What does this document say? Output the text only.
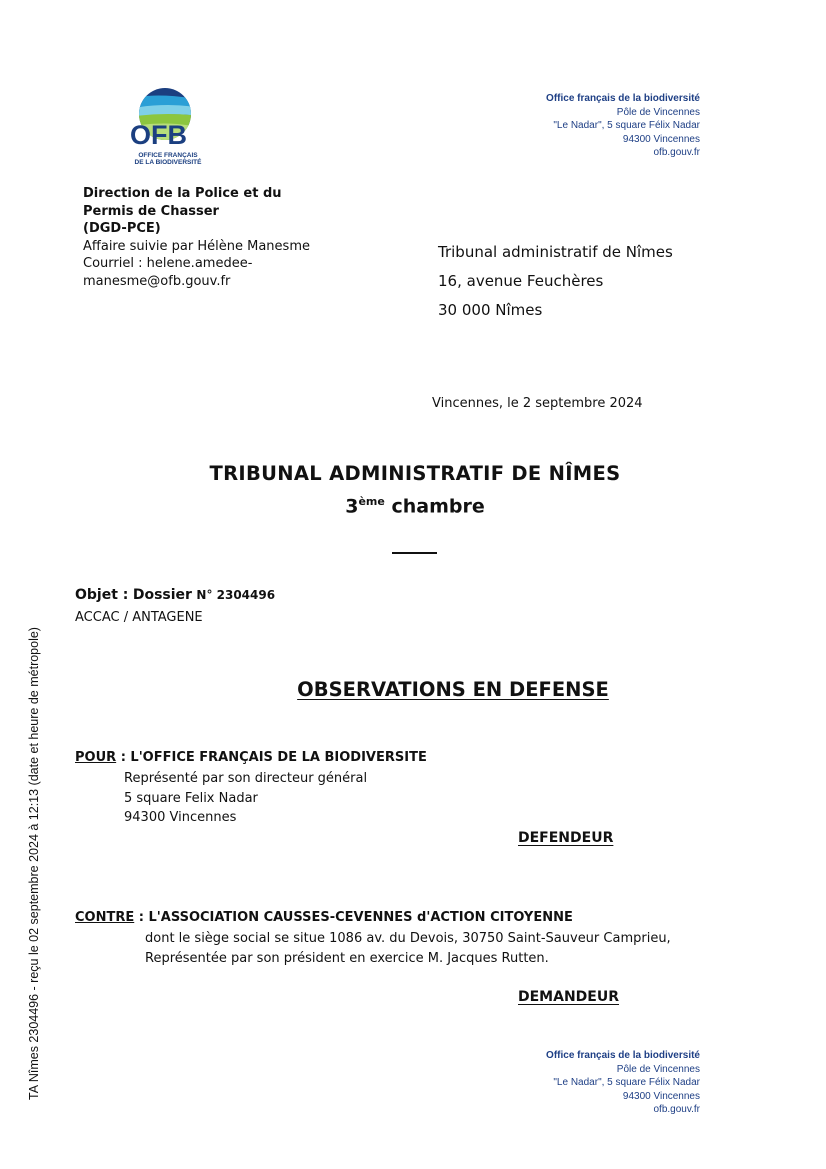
OFB
OFFICE FRANÇAIS
DE LA BIODIVERSITÉ
Office français de la biodiversité
Pôle de Vincennes
"Le Nadar", 5 square Félix Nadar
94300 Vincennes
ofb.gouv.fr
Direction de la Police et du Permis de Chasser
(DGD-PCE)
Affaire suivie par Hélène Manesme
Courriel : helene.amedee-
manesme@ofb.gouv.fr
Tribunal administratif de Nîmes
16, avenue Feuchères
30 000 Nîmes
Vincennes, le 2 septembre 2024
TRIBUNAL ADMINISTRATIF DE NÎMES
3ème chambre
Objet : Dossier N° 2304496
ACCAC / ANTAGENE
OBSERVATIONS EN DEFENSE
POUR : L'OFFICE FRANÇAIS DE LA BIODIVERSITE
Représenté par son directeur général
5 square Felix Nadar
94300 Vincennes
DEFENDEUR
CONTRE : L'ASSOCIATION CAUSSES-CEVENNES d'ACTION CITOYENNE
dont le siège social se situe 1086 av. du Devois, 30750 Saint-Sauveur Camprieu,
Représentée par son président en exercice M. Jacques Rutten.
DEMANDEUR
Office français de la biodiversité
Pôle de Vincennes
"Le Nadar", 5 square Félix Nadar
94300 Vincennes
ofb.gouv.fr
TA Nîmes 2304496 - reçu le 02 septembre 2024 à 12:13 (date et heure de métropole)
